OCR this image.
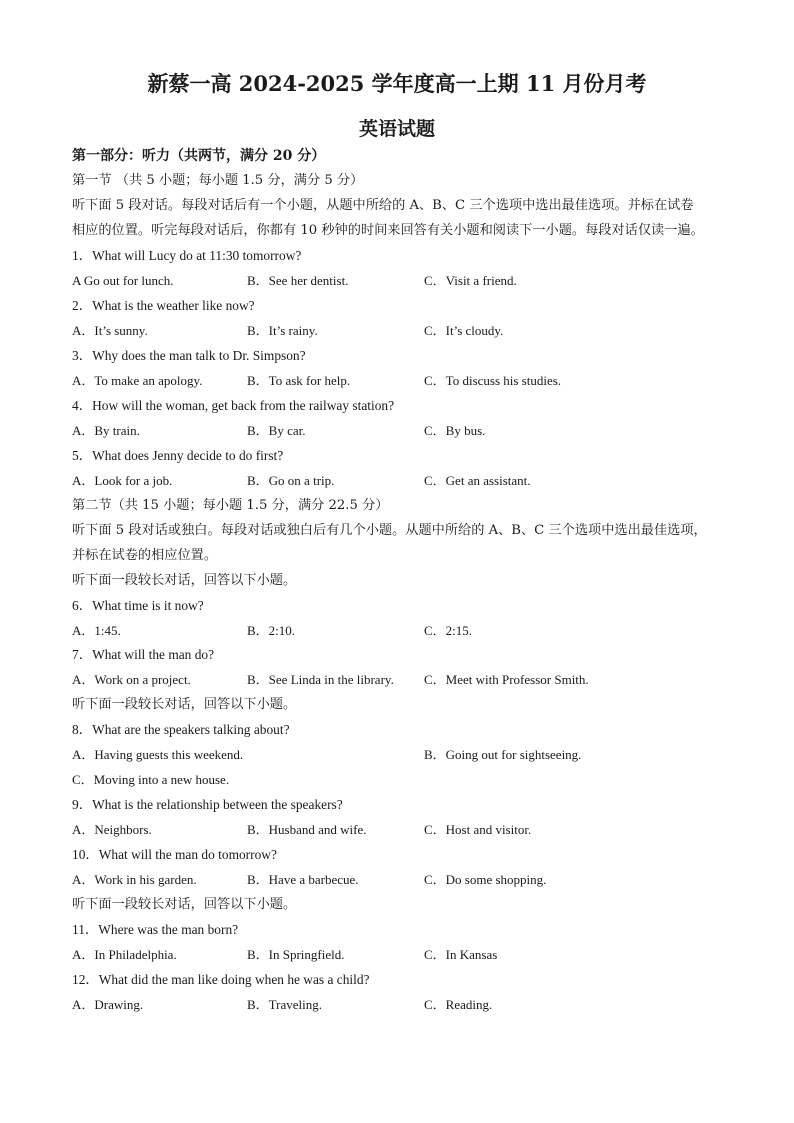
新蔡一高 2024-2025 学年度高一上期 11 月份月考
英语试题
第一部分：听力（共两节，满分 20 分）
第一节 （共 5 小题；每小题 1.5 分，满分 5 分）
听下面 5 段对话。每段对话后有一个小题，从题中所给的 A、B、C 三个选项中选出最佳选项。并标在试卷
相应的位置。听完每段对话后，你都有 10 秒钟的时间来回答有关小题和阅读下一小题。每段对话仅读一遍。
1．What will Lucy do at 11:30 tomorrow?
A Go out for lunch.	B．See her dentist.	C．Visit a friend.
2．What is the weather like now?
A．It’s sunny.	B．It’s rainy.	C．It’s cloudy.
3．Why does the man talk to Dr. Simpson?
A．To make an apology.	B．To ask for help.	C．To discuss his studies.
4．How will the woman, get back from the railway station?
A．By train.	B．By car.	C．By bus.
5．What does Jenny decide to do first?
A．Look for a job.	B．Go on a trip.	C．Get an assistant.
第二节（共 15 小题；每小题 1.5 分，满分 22.5 分）
听下面 5 段对话或独白。每段对话或独白后有几个小题。从题中所给的 A、B、C 三个选项中选出最佳选项，
并标在试卷的相应位置。
听下面一段较长对话，回答以下小题。
6．What time is it now?
A．1:45.	B．2:10.	C．2:15.
7．What will the man do?
A．Work on a project.	B．See Linda in the library. C．Meet with Professor Smith.
听下面一段较长对话，回答以下小题。
8．What are the speakers talking about?
A．Having guests this weekend.	B．Going out for sightseeing.
C．Moving into a new house.
9．What is the relationship between the speakers?
A．Neighbors.	B．Husband and wife.	C．Host and visitor.
10．What will the man do tomorrow?
A．Work in his garden.	B．Have a barbecue.	C．Do some shopping.
听下面一段较长对话，回答以下小题。
11．Where was the man born?
A．In Philadelphia.	B．In Springfield.	C．In Kansas
12．What did the man like doing when he was a child?
A．Drawing.	B．Traveling.	C．Reading.
